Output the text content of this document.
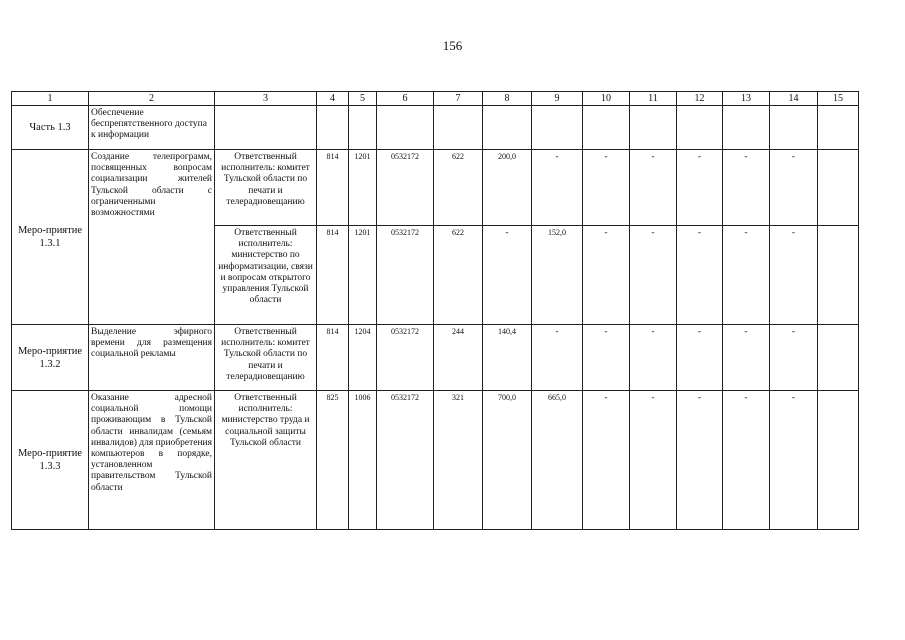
156
1	2	3	4	5	6	7	8	9	10	11	12	13	14	15
Часть 1.3	Обеспечение беспрепятственного доступа к информации													
Меро-приятие 1.3.1	Создание телепрограмм, посвященных вопросам социализации жителей Тульской области с ограниченными возможностями	Ответственный исполнитель: комитет Тульской области по печати и телерадиовещанию	814	1201	0532172	622	200,0	-	-	-	-	-	-	
		Ответственный исполнитель: министерство по информатизации, связи и вопросам открытого управления Тульской области	814	1201	0532172	622	-	152,0	-	-	-	-	-	
Меро-приятие 1.3.2	Выделение эфирного времени для размещения социальной рекламы	Ответственный исполнитель: комитет Тульской области по печати и телерадиовещанию	814	1204	0532172	244	140,4	-	-	-	-	-	-	
Меро-приятие 1.3.3	Оказание адресной социальной помощи проживающим в Тульской области инвалидам (семьям инвалидов) для приобретения компьютеров в порядке, установленном правительством Тульской области	Ответственный исполнитель: министерство труда и социальной защиты Тульской области	825	1006	0532172	321	700,0	665,0	-	-	-	-	-	
